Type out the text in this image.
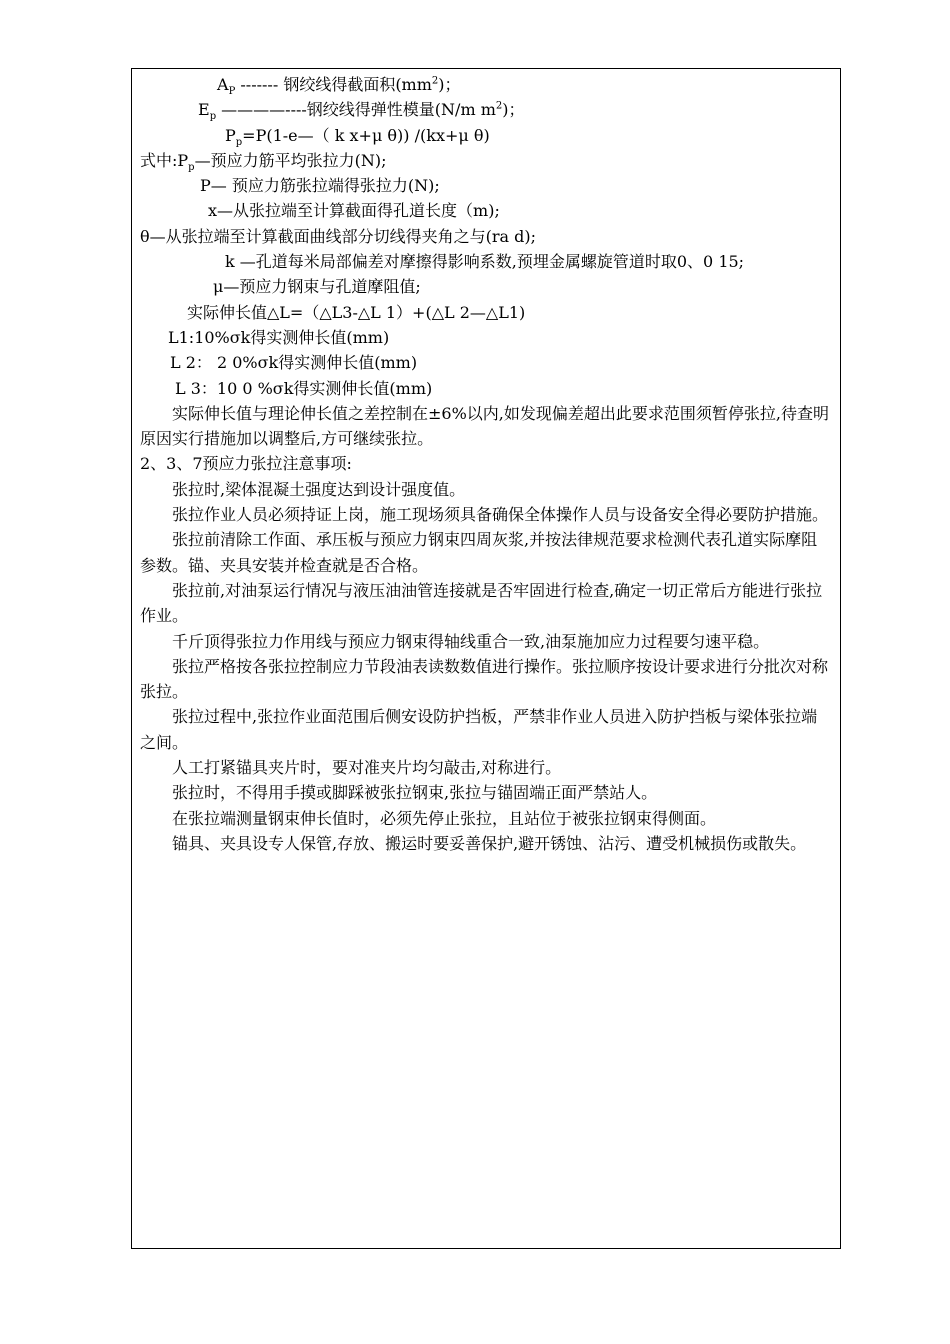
$A_P$ ------- 钢绞线得截面积$(mm^2)$；

$E_p$ ————----钢绞线得弹性模量(N/m $m^2$)；

$P_p=P(1-e—$（ k x+μ θ)) /(kx+μ θ)

式中$:P_p—$预应力筋平均张拉力(N);

P— 预应力筋张拉端得张拉力(N);

x—从张拉端至计算截面得孔道长度（m);

θ—从张拉端至计算截面曲线部分切线得夹角之与(ra d);

k —孔道每米局部偏差对摩擦得影响系数,预埋金属螺旋管道时取0、0 15;

μ—预应力钢束与孔道摩阻值;

实际伸长值△L=（△L3-△L 1）+(△L 2—△L1)

L1:10%σk得实测伸长值(mm)

L 2： 2 0%σk得实测伸长值(mm)

L 3：10 0 %σk得实测伸长值(mm)

实际伸长值与理论伸长值之差控制在±6%以内,如发现偏差超出此要求范围须暂停张拉,待查明原因实行措施加以调整后,方可继续张拉。

2、3、7预应力张拉注意事项:

张拉时,梁体混凝土强度达到设计强度值。

张拉作业人员必须持证上岗，施工现场须具备确保全体操作人员与设备安全得必要防护措施。

张拉前清除工作面、承压板与预应力钢束四周灰浆,并按法律规范要求检测代表孔道实际摩阻参数。锚、夹具安装并检查就是否合格。

张拉前,对油泵运行情况与液压油油管连接就是否牢固进行检查,确定一切正常后方能进行张拉作业。

千斤顶得张拉力作用线与预应力钢束得轴线重合一致,油泵施加应力过程要匀速平稳。

张拉严格按各张拉控制应力节段油表读数数值进行操作。张拉顺序按设计要求进行分批次对称张拉。

张拉过程中,张拉作业面范围后侧安设防护挡板，严禁非作业人员进入防护挡板与梁体张拉端之间。

人工打紧锚具夹片时，要对准夹片均匀敲击,对称进行。

张拉时，不得用手摸或脚踩被张拉钢束,张拉与锚固端正面严禁站人。

在张拉端测量钢束伸长值时，必须先停止张拉，且站位于被张拉钢束得侧面。

锚具、夹具设专人保管,存放、搬运时要妥善保护,避开锈蚀、沾污、遭受机械损伤或散失。
